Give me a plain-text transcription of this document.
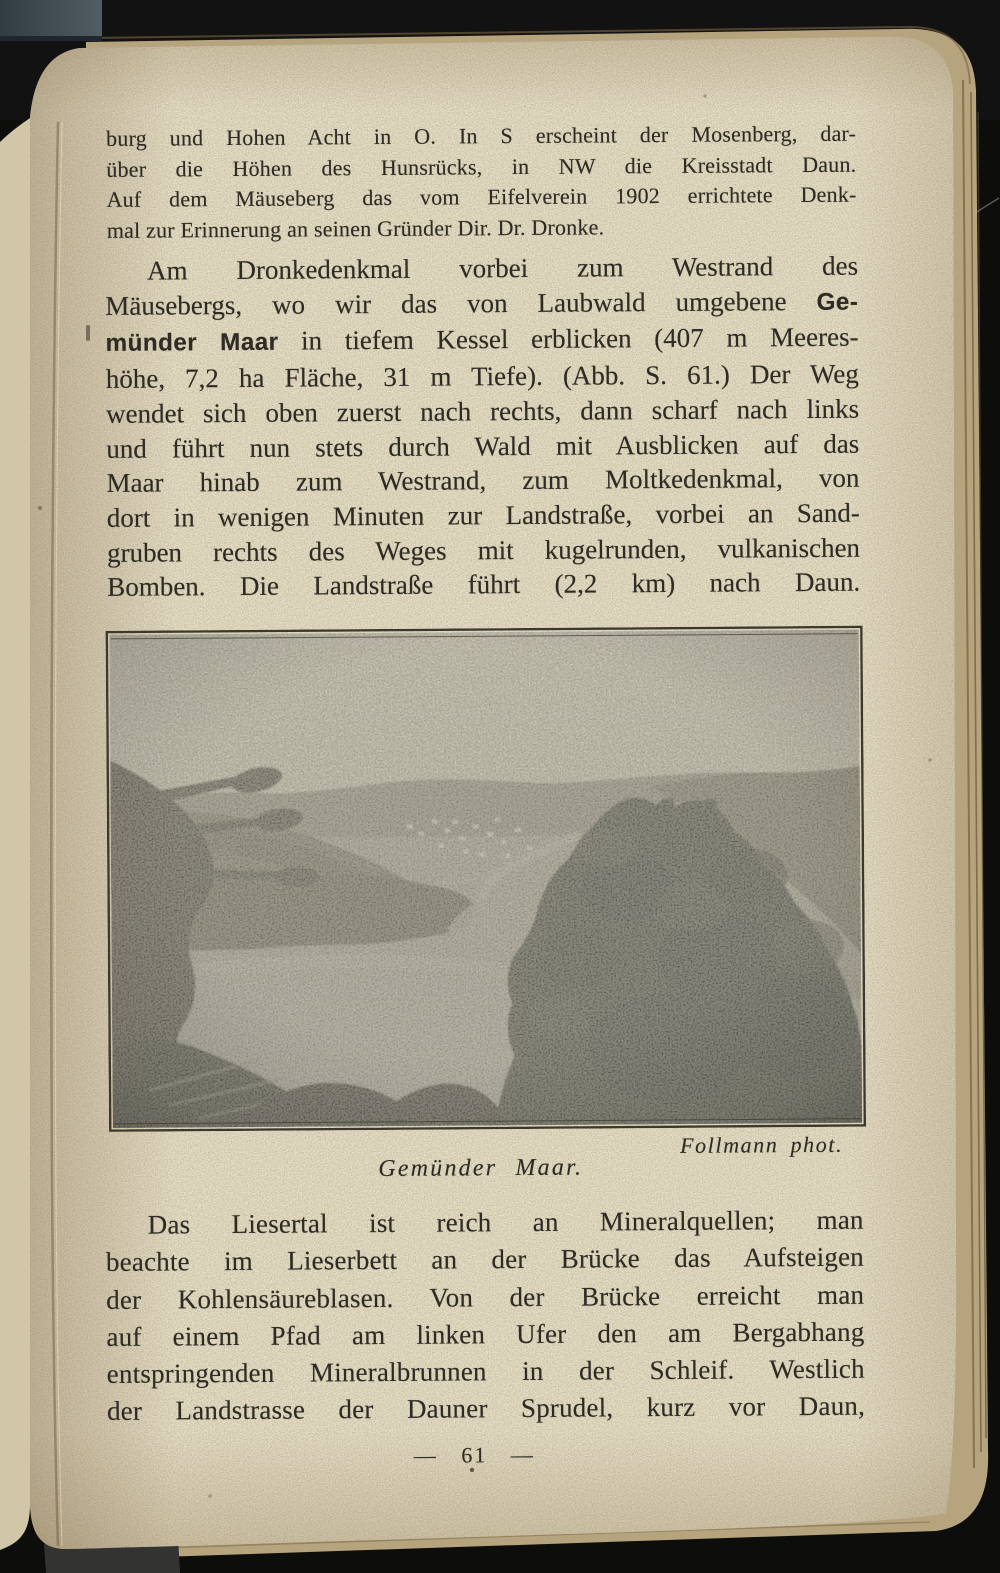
burg und Hohen Acht in O. In S erscheint der Mosenberg, dar-
über die Höhen des Hunsrücks, in NW die Kreisstadt Daun.
Auf dem Mäuseberg das vom Eifelverein 1902 errichtete Denk-
mal zur Erinnerung an seinen Gründer Dir. Dr. Dronke.
Am Dronkedenkmal vorbei zum Westrand des
Mäusebergs, wo wir das von Laubwald umgebene Ge-
münder Maar in tiefem Kessel erblicken (407 m Meeres-
höhe, 7,2 ha Fläche, 31 m Tiefe). (Abb. S. 61.) Der Weg
wendet sich oben zuerst nach rechts, dann scharf nach links
und führt nun stets durch Wald mit Ausblicken auf das
Maar hinab zum Westrand, zum Moltkedenkmal, von
dort in wenigen Minuten zur Landstraße, vorbei an Sand-
gruben rechts des Weges mit kugelrunden, vulkanischen
Bomben. Die Landstraße führt (2,2 km) nach Daun.
Follmann phot.
Gemünder Maar.
Das Liesertal ist reich an Mineralquellen; man
beachte im Lieserbett an der Brücke das Aufsteigen
der Kohlensäureblasen. Von der Brücke erreicht man
auf einem Pfad am linken Ufer den am Bergabhang
entspringenden Mineralbrunnen in der Schleif. Westlich
der Landstrasse der Dauner Sprudel, kurz vor Daun,
— 61 —
